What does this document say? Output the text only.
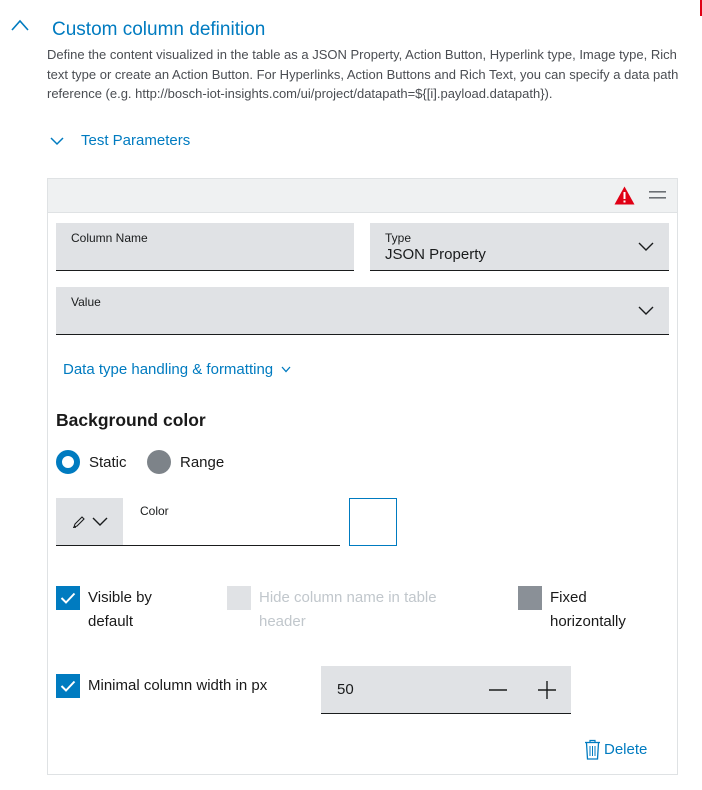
Custom column definition
Define the content visualized in the table as a JSON Property, Action Button, Hyperlink type, Image type, Rich text type or create an Action Button. For Hyperlinks, Action Buttons and Rich Text, you can specify a data path reference (e.g. http://bosch-iot-insights.com/ui/project/datapath=${[i].payload.datapath}).
Test Parameters
Column Name	Type
JSON Property
Value
Data type handling & formatting
Background color
Static	Range
Color
Visible by default
Hide column name in table header
Fixed horizontally
Minimal column width in px	50
Delete
